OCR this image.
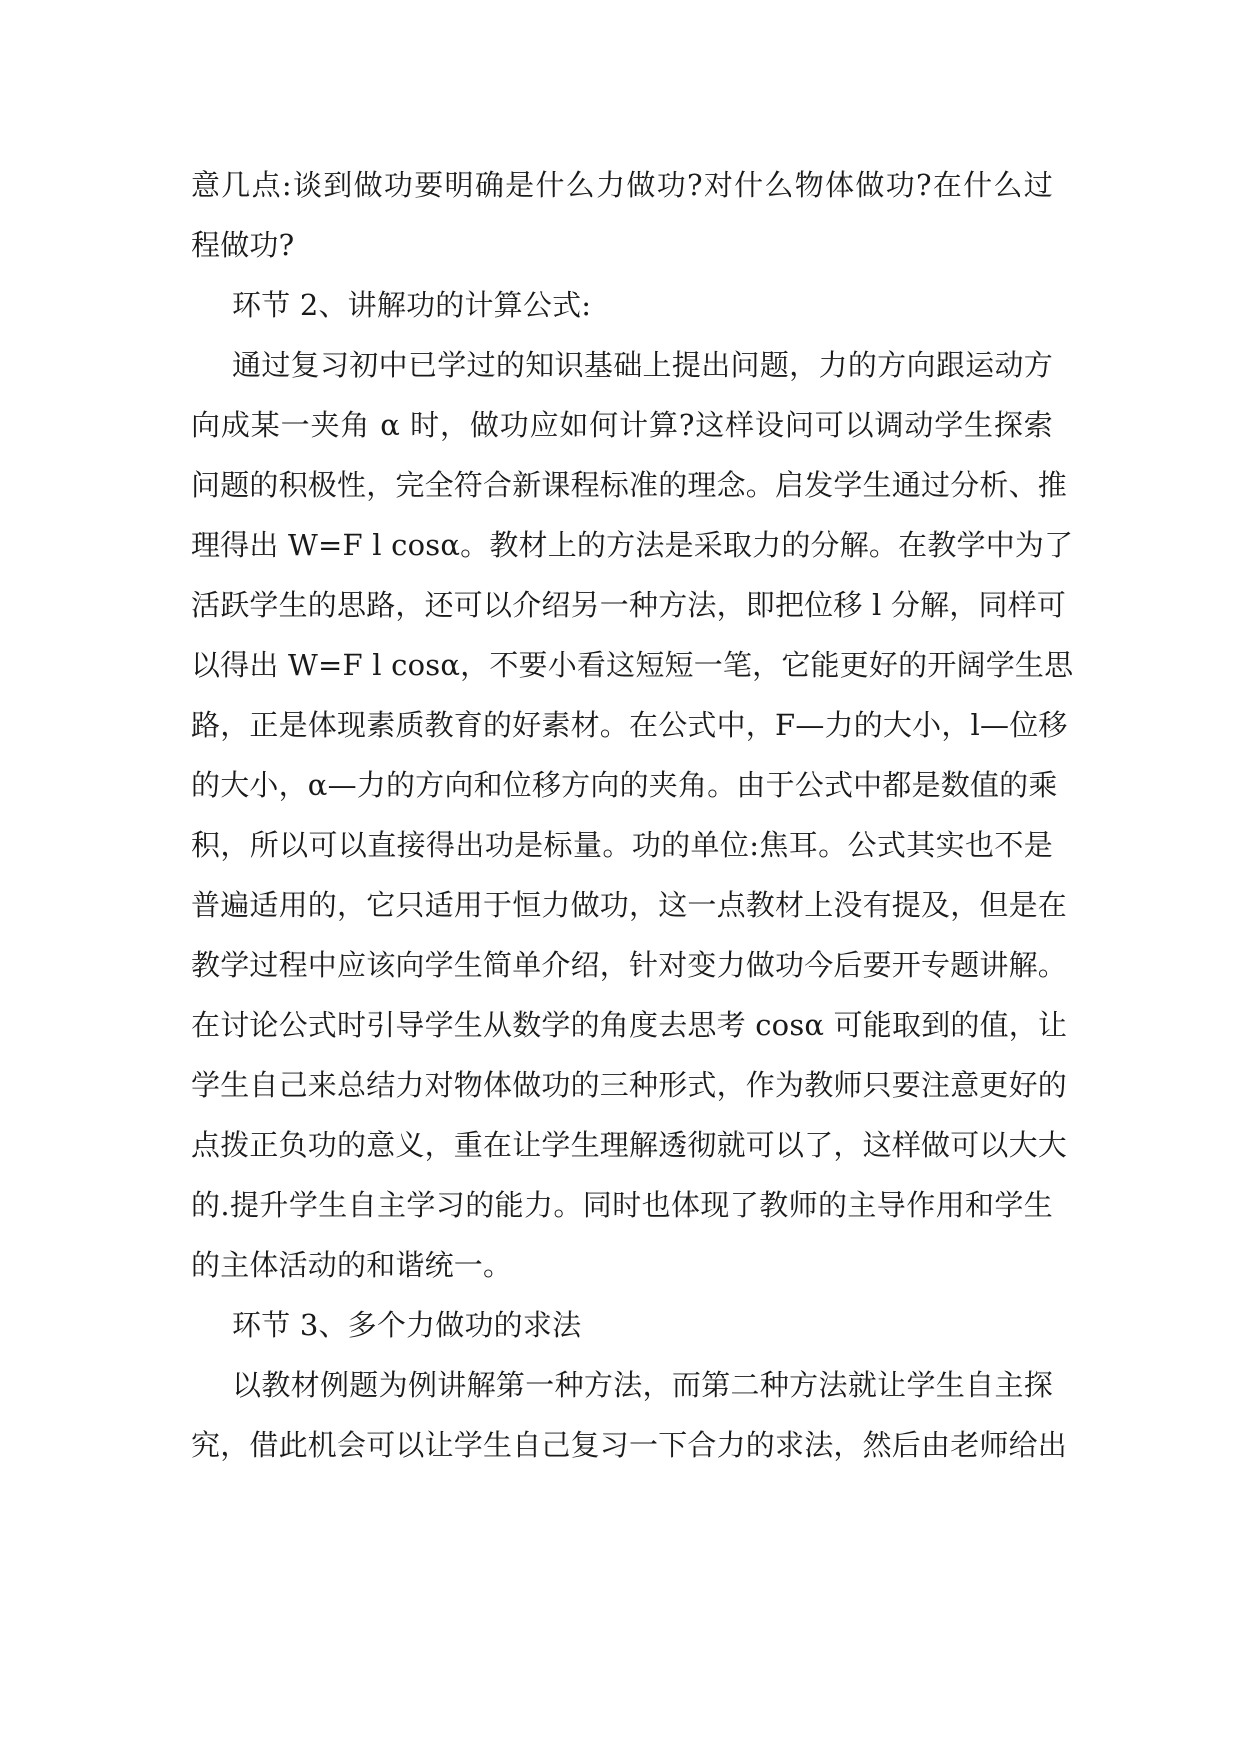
意几点:谈到做功要明确是什么力做功?对什么物体做功?在什么过
程做功?
环节 2、讲解功的计算公式:
通过复习初中已学过的知识基础上提出问题，力的方向跟运动方
向成某一夹角 α 时，做功应如何计算?这样设问可以调动学生探索
问题的积极性，完全符合新课程标准的理念。启发学生通过分析、推
理得出 W=F l cosα。教材上的方法是采取力的分解。在教学中为了
活跃学生的思路，还可以介绍另一种方法，即把位移 l 分解，同样可
以得出 W=F l cosα，不要小看这短短一笔，它能更好的开阔学生思
路，正是体现素质教育的好素材。在公式中，F—力的大小，l—位移
的大小，α—力的方向和位移方向的夹角。由于公式中都是数值的乘
积，所以可以直接得出功是标量。功的单位:焦耳。公式其实也不是
普遍适用的，它只适用于恒力做功，这一点教材上没有提及，但是在
教学过程中应该向学生简单介绍，针对变力做功今后要开专题讲解。
在讨论公式时引导学生从数学的角度去思考 cosα 可能取到的值，让
学生自己来总结力对物体做功的三种形式，作为教师只要注意更好的
点拨正负功的意义，重在让学生理解透彻就可以了，这样做可以大大
的.提升学生自主学习的能力。同时也体现了教师的主导作用和学生
的主体活动的和谐统一。
环节 3、多个力做功的求法
以教材例题为例讲解第一种方法，而第二种方法就让学生自主探
究，借此机会可以让学生自己复习一下合力的求法，然后由老师给出
